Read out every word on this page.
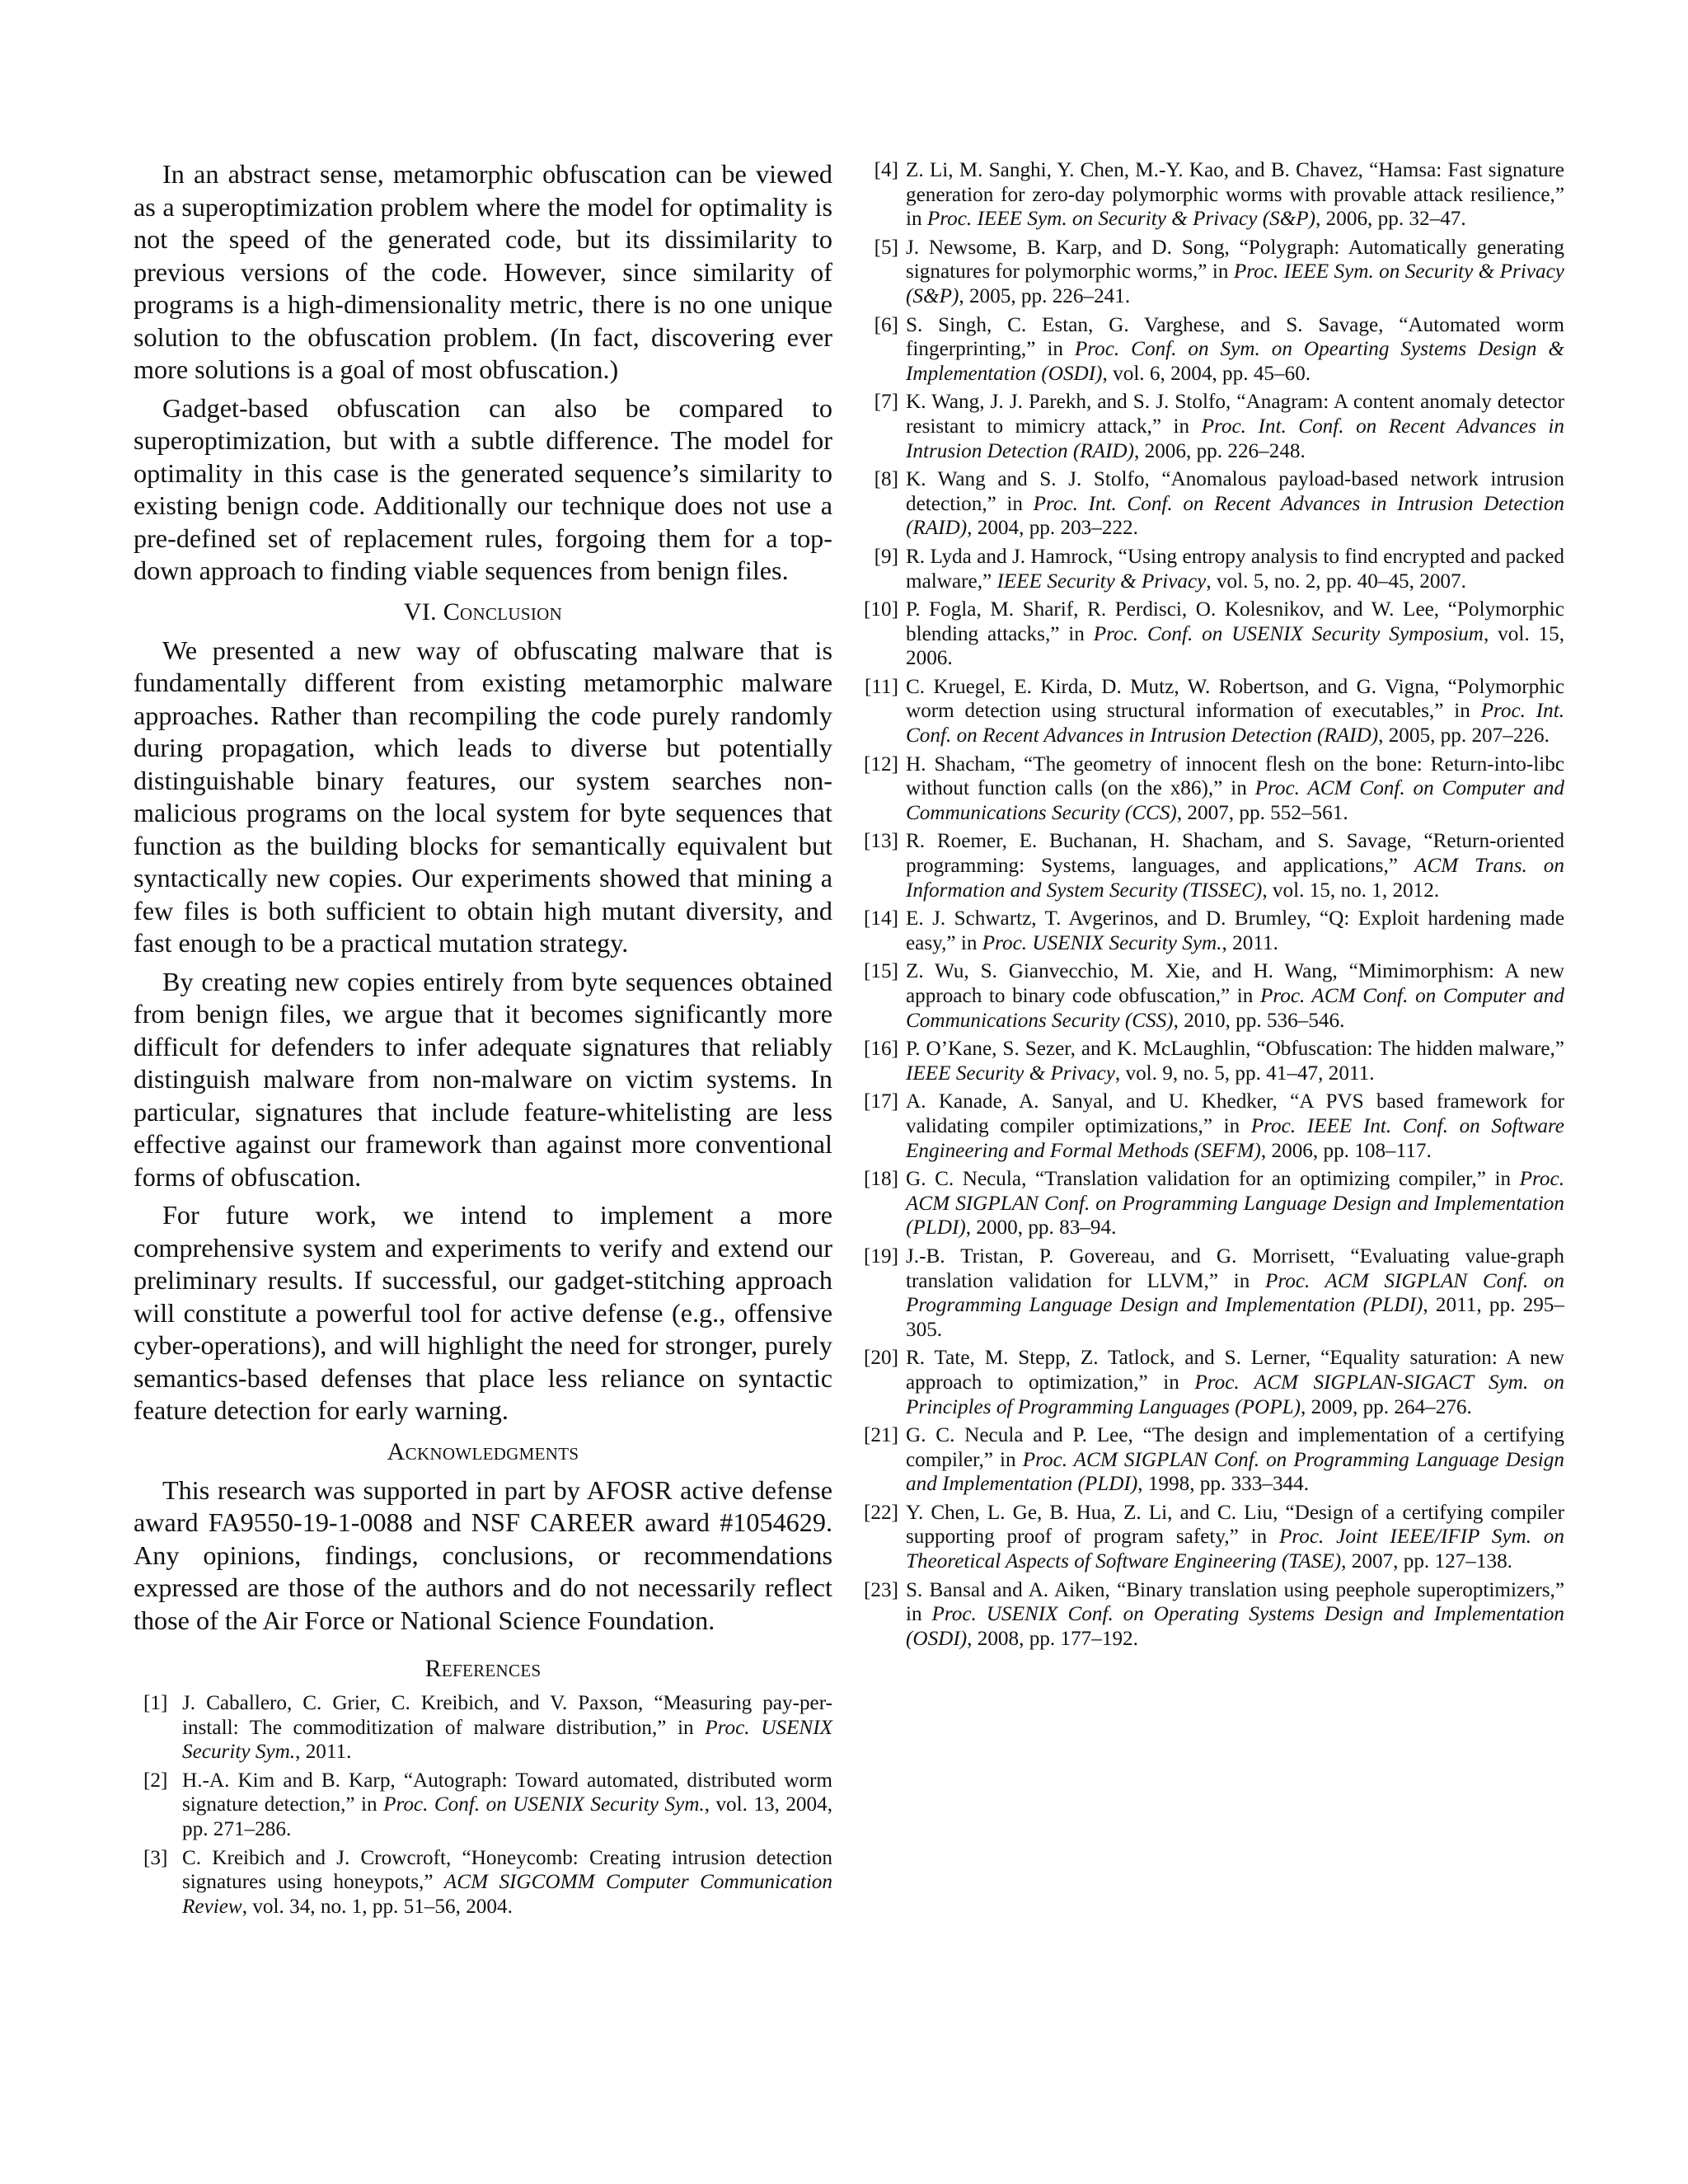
In an abstract sense, metamorphic obfuscation can be viewed as a superoptimization problem where the model for optimality is not the speed of the generated code, but its dissimilarity to previous versions of the code. However, since similarity of programs is a high-dimensionality metric, there is no one unique solution to the obfuscation problem. (In fact, discovering ever more solutions is a goal of most obfuscation.)

Gadget-based obfuscation can also be compared to superoptimization, but with a subtle difference. The model for optimality in this case is the generated sequence’s similarity to existing benign code. Additionally our technique does not use a pre-defined set of replacement rules, forgoing them for a top-down approach to finding viable sequences from benign files.

VI. Conclusion

We presented a new way of obfuscating malware that is fundamentally different from existing metamorphic malware approaches. Rather than recompiling the code purely randomly during propagation, which leads to diverse but potentially distinguishable binary features, our system searches non-malicious programs on the local system for byte sequences that function as the building blocks for semantically equivalent but syntactically new copies. Our experiments showed that mining a few files is both sufficient to obtain high mutant diversity, and fast enough to be a practical mutation strategy.

By creating new copies entirely from byte sequences obtained from benign files, we argue that it becomes significantly more difficult for defenders to infer adequate signatures that reliably distinguish malware from non-malware on victim systems. In particular, signatures that include feature-whitelisting are less effective against our framework than against more conventional forms of obfuscation.

For future work, we intend to implement a more comprehensive system and experiments to verify and extend our preliminary results. If successful, our gadget-stitching approach will constitute a powerful tool for active defense (e.g., offensive cyber-operations), and will highlight the need for stronger, purely semantics-based defenses that place less reliance on syntactic feature detection for early warning.

Acknowledgments

This research was supported in part by AFOSR active defense award FA9550-19-1-0088 and NSF CAREER award #1054629. Any opinions, findings, conclusions, or recommendations expressed are those of the authors and do not necessarily reflect those of the Air Force or National Science Foundation.

References
[1] J. Caballero, C. Grier, C. Kreibich, and V. Paxson, “Measuring pay-per-install: The commoditization of malware distribution,” in Proc. USENIX Security Sym., 2011.
[2] H.-A. Kim and B. Karp, “Autograph: Toward automated, distributed worm signature detection,” in Proc. Conf. on USENIX Security Sym., vol. 13, 2004, pp. 271–286.
[3] C. Kreibich and J. Crowcroft, “Honeycomb: Creating intrusion detection signatures using honeypots,” ACM SIGCOMM Computer Communication Review, vol. 34, no. 1, pp. 51–56, 2004.
[4] Z. Li, M. Sanghi, Y. Chen, M.-Y. Kao, and B. Chavez, “Hamsa: Fast signature generation for zero-day polymorphic worms with provable attack resilience,” in Proc. IEEE Sym. on Security & Privacy (S&P), 2006, pp. 32–47.
[5] J. Newsome, B. Karp, and D. Song, “Polygraph: Automatically generating signatures for polymorphic worms,” in Proc. IEEE Sym. on Security & Privacy (S&P), 2005, pp. 226–241.
[6] S. Singh, C. Estan, G. Varghese, and S. Savage, “Automated worm fingerprinting,” in Proc. Conf. on Sym. on Opearting Systems Design & Implementation (OSDI), vol. 6, 2004, pp. 45–60.
[7] K. Wang, J. J. Parekh, and S. J. Stolfo, “Anagram: A content anomaly detector resistant to mimicry attack,” in Proc. Int. Conf. on Recent Advances in Intrusion Detection (RAID), 2006, pp. 226–248.
[8] K. Wang and S. J. Stolfo, “Anomalous payload-based network intrusion detection,” in Proc. Int. Conf. on Recent Advances in Intrusion Detection (RAID), 2004, pp. 203–222.
[9] R. Lyda and J. Hamrock, “Using entropy analysis to find encrypted and packed malware,” IEEE Security & Privacy, vol. 5, no. 2, pp. 40–45, 2007.
[10] P. Fogla, M. Sharif, R. Perdisci, O. Kolesnikov, and W. Lee, “Polymorphic blending attacks,” in Proc. Conf. on USENIX Security Symposium, vol. 15, 2006.
[11] C. Kruegel, E. Kirda, D. Mutz, W. Robertson, and G. Vigna, “Polymorphic worm detection using structural information of executables,” in Proc. Int. Conf. on Recent Advances in Intrusion Detection (RAID), 2005, pp. 207–226.
[12] H. Shacham, “The geometry of innocent flesh on the bone: Return-into-libc without function calls (on the x86),” in Proc. ACM Conf. on Computer and Communications Security (CCS), 2007, pp. 552–561.
[13] R. Roemer, E. Buchanan, H. Shacham, and S. Savage, “Return-oriented programming: Systems, languages, and applications,” ACM Trans. on Information and System Security (TISSEC), vol. 15, no. 1, 2012.
[14] E. J. Schwartz, T. Avgerinos, and D. Brumley, “Q: Exploit hardening made easy,” in Proc. USENIX Security Sym., 2011.
[15] Z. Wu, S. Gianvecchio, M. Xie, and H. Wang, “Mimimorphism: A new approach to binary code obfuscation,” in Proc. ACM Conf. on Computer and Communications Security (CSS), 2010, pp. 536–546.
[16] P. O’Kane, S. Sezer, and K. McLaughlin, “Obfuscation: The hidden malware,” IEEE Security & Privacy, vol. 9, no. 5, pp. 41–47, 2011.
[17] A. Kanade, A. Sanyal, and U. Khedker, “A PVS based framework for validating compiler optimizations,” in Proc. IEEE Int. Conf. on Software Engineering and Formal Methods (SEFM), 2006, pp. 108–117.
[18] G. C. Necula, “Translation validation for an optimizing compiler,” in Proc. ACM SIGPLAN Conf. on Programming Language Design and Implementation (PLDI), 2000, pp. 83–94.
[19] J.-B. Tristan, P. Govereau, and G. Morrisett, “Evaluating value-graph translation validation for LLVM,” in Proc. ACM SIGPLAN Conf. on Programming Language Design and Implementation (PLDI), 2011, pp. 295–305.
[20] R. Tate, M. Stepp, Z. Tatlock, and S. Lerner, “Equality saturation: A new approach to optimization,” in Proc. ACM SIGPLAN-SIGACT Sym. on Principles of Programming Languages (POPL), 2009, pp. 264–276.
[21] G. C. Necula and P. Lee, “The design and implementation of a certifying compiler,” in Proc. ACM SIGPLAN Conf. on Programming Language Design and Implementation (PLDI), 1998, pp. 333–344.
[22] Y. Chen, L. Ge, B. Hua, Z. Li, and C. Liu, “Design of a certifying compiler supporting proof of program safety,” in Proc. Joint IEEE/IFIP Sym. on Theoretical Aspects of Software Engineering (TASE), 2007, pp. 127–138.
[23] S. Bansal and A. Aiken, “Binary translation using peephole superoptimizers,” in Proc. USENIX Conf. on Operating Systems Design and Implementation (OSDI), 2008, pp. 177–192.
